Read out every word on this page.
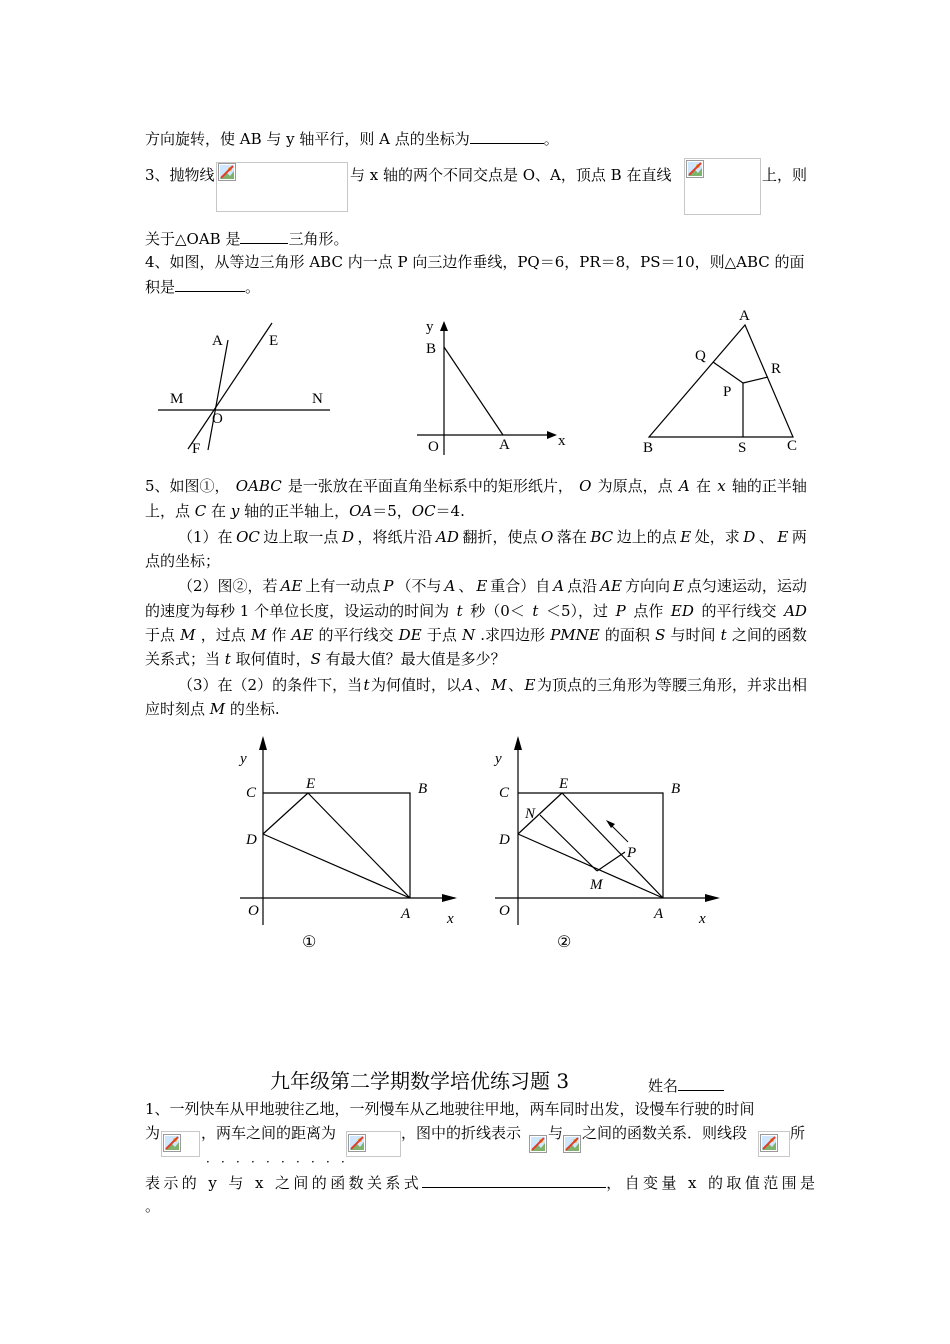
方向旋转，使 AB 与 y 轴平行，则 A 点的坐标为	。
3、抛物线	与 x 轴的两个不同交点是 O、A，顶点 B 在直线	上，则
关于△OAB 是	三角形。
4、如图，从等边三角形 ABC 内一点 P 向三边作垂线，PQ＝6，PR＝8，PS＝10，则△ABC 的面
积是	。
A	E
M	N
O
F
y
B
O	A	x
A
Q
R
P
B	S	C
5、如图①， OABC 是一张放在平面直角坐标系中的矩形纸片， O 为原点，点 A 在 x 轴的正半轴
上，点 C 在 y 轴的正半轴上，OA＝5，OC＝4.
（1）在 OC 边上取一点 D ，将纸片沿 AD 翻折，使点 O 落在 BC 边上的点 E 处，求 D 、 E 两
点的坐标；
（2）图②，若 AE 上有一动点 P （不与 A 、 E 重合）自 A 点沿 AE 方向向 E 点匀速运动，运动
的速度为每秒 1 个单位长度，设运动的时间为 t 秒（0＜ t ＜5），过 P 点作 ED 的平行线交 AD
于点 M ，过点 M 作 AE 的平行线交 DE 于点 N .求四边形 PMNE 的面积 S 与时间 t 之间的函数
关系式；当 t 取何值时，S 有最大值？最大值是多少？
（3）在（2）的条件下，当 t 为何值时，以 A 、 M 、 E 为顶点的三角形为等腰三角形，并求出相
应时刻点 M 的坐标.
y
C
E	B
D
O	A x
①
y
C
E	B
N
P
D
M
O	A x
②
九年级第二学期数学培优练习题 3	姓名
1、一列快车从甲地驶往乙地，一列慢车从乙地驶往甲地，两车同时出发，设慢车行驶的时间
为	，两车之间的距离为	，图中的折线表示 与 之间的函数关系．则线段	所
．．．．．．．．．．
表示的 y 与 x 之间的函数关系式	，自变量 x 的取值范围是
。
